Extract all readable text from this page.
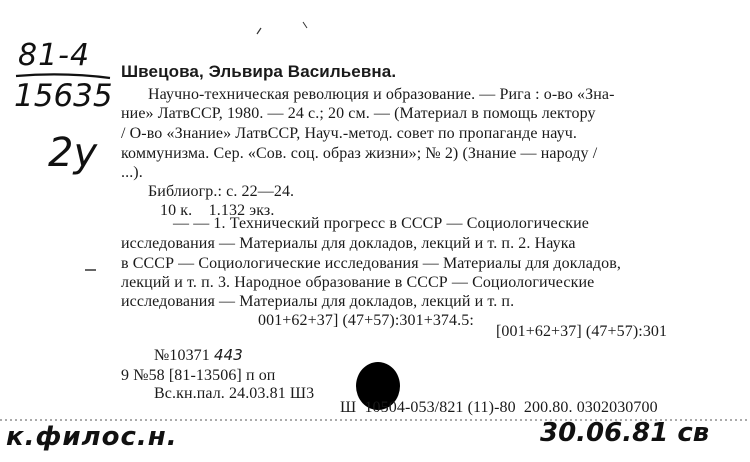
81-4
15635
2у
Швецова, Эльвира Васильевна.
Научно-техническая революция и образование. — Рига : о-во «Зна-
ние» ЛатвССР, 1980. — 24 с.; 20 см. — (Материал в помощь лектору
/ О-во «Знание» ЛатвССР, Науч.-метод. совет по пропаганде науч.
коммунизма. Сер. «Сов. соц. образ жизни»; № 2) (Знание — народу /
...).
Библиогр.: с. 22—24.
10 к.    1.132 экз.
— — 1. Технический прогресс в СССР — Социологические
исследования — Материалы для докладов, лекций и т. п. 2. Наука
в СССР — Социологические исследования — Материалы для докладов,
лекций и т. п. 3. Народное образование в СССР — Социологические
исследования — Материалы для докладов, лекций и т. п.
001+62+37] (47+57):301+374.5:
[001+62+37] (47+57):301
№10371 443
9 №58 [81-13506] п оп
Вс.кн.пал. 24.03.81 Ш3
Ш  10504-053/821 (11)-80  200.80. 0302030700
к.филос.н.	30.06.81 св
